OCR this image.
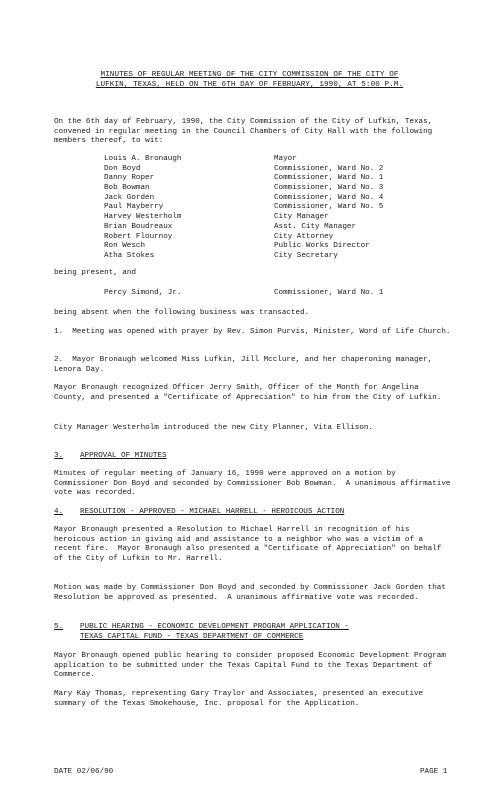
MINUTES OF REGULAR MEETING OF THE CITY COMMISSION OF THE CITY OF
LUFKIN, TEXAS, HELD ON THE 6TH DAY OF FEBRUARY, 1990, AT 5:00 P.M.
On the 6th day of February, 1990, the City Commission of the City of Lufkin, Texas, convened in regular meeting in the Council Chambers of City Hall with the following members thereof, to wit:
Louis A. Bronaugh	Mayor
Don Boyd	Commissioner, Ward No. 2
Danny Roper	Commissioner, Ward No. 1
Bob Bowman	Commissioner, Ward No. 3
Jack Gorden	Commissioner, Ward No. 4
Paul Mayberry	Commissioner, Ward No. 5
Harvey Westerholm	City Manager
Brian Boudreaux	Asst. City Manager
Robert Flournoy	City Attorney
Ron Wesch	Public Works Director
Atha Stokes	City Secretary
being present, and
Percy Simond, Jr.	Commissioner, Ward No. 1
being absent when the following business was transacted.
1.  Meeting was opened with prayer by Rev. Simon Purvis, Minister, Word of Life Church.
2.  Mayor Bronaugh welcomed Miss Lufkin, Jill Mcclure, and her chaperoning manager, Lenora Day.
Mayor Bronaugh recognized Officer Jerry Smith, Officer of the Month for Angelina County, and presented a "Certificate of Appreciation" to him from the City of Lufkin.
City Manager Westerholm introduced the new City Planner, Vita Ellison.
3.	APPROVAL OF MINUTES
Minutes of regular meeting of January 16, 1990 were approved on a motion by Commissioner Don Boyd and seconded by Commissioner Bob Bowman.  A unanimous affirmative vote was recorded.
4.	RESOLUTION - APPROVED - MICHAEL HARRELL - HEROICOUS ACTION
Mayor Bronaugh presented a Resolution to Michael Harrell in recognition of his heroicous action in giving aid and assistance to a neighbor who was a victim of a recent fire.  Mayor Bronaugh also presented a "Certificate of Appreciation" on behalf of the City of Lufkin to Mr. Harrell.
Motion was made by Commissioner Don Boyd and seconded by Commissioner Jack Gorden that Resolution be approved as presented.  A unanimous affirmative vote was recorded.
5.	PUBLIC HEARING - ECONOMIC DEVELOPMENT PROGRAM APPLICATION -
TEXAS CAPITAL FUND - TEXAS DEPARTMENT OF COMMERCE
Mayor Bronaugh opened public hearing to consider proposed Economic Development Program application to be submitted under the Texas Capital Fund to the Texas Department of Commerce.
Mary Kay Thomas, representing Gary Traylor and Associates, presented an executive summary of the Texas Smokehouse, Inc. proposal for the Application.
DATE 02/06/90	PAGE 1
